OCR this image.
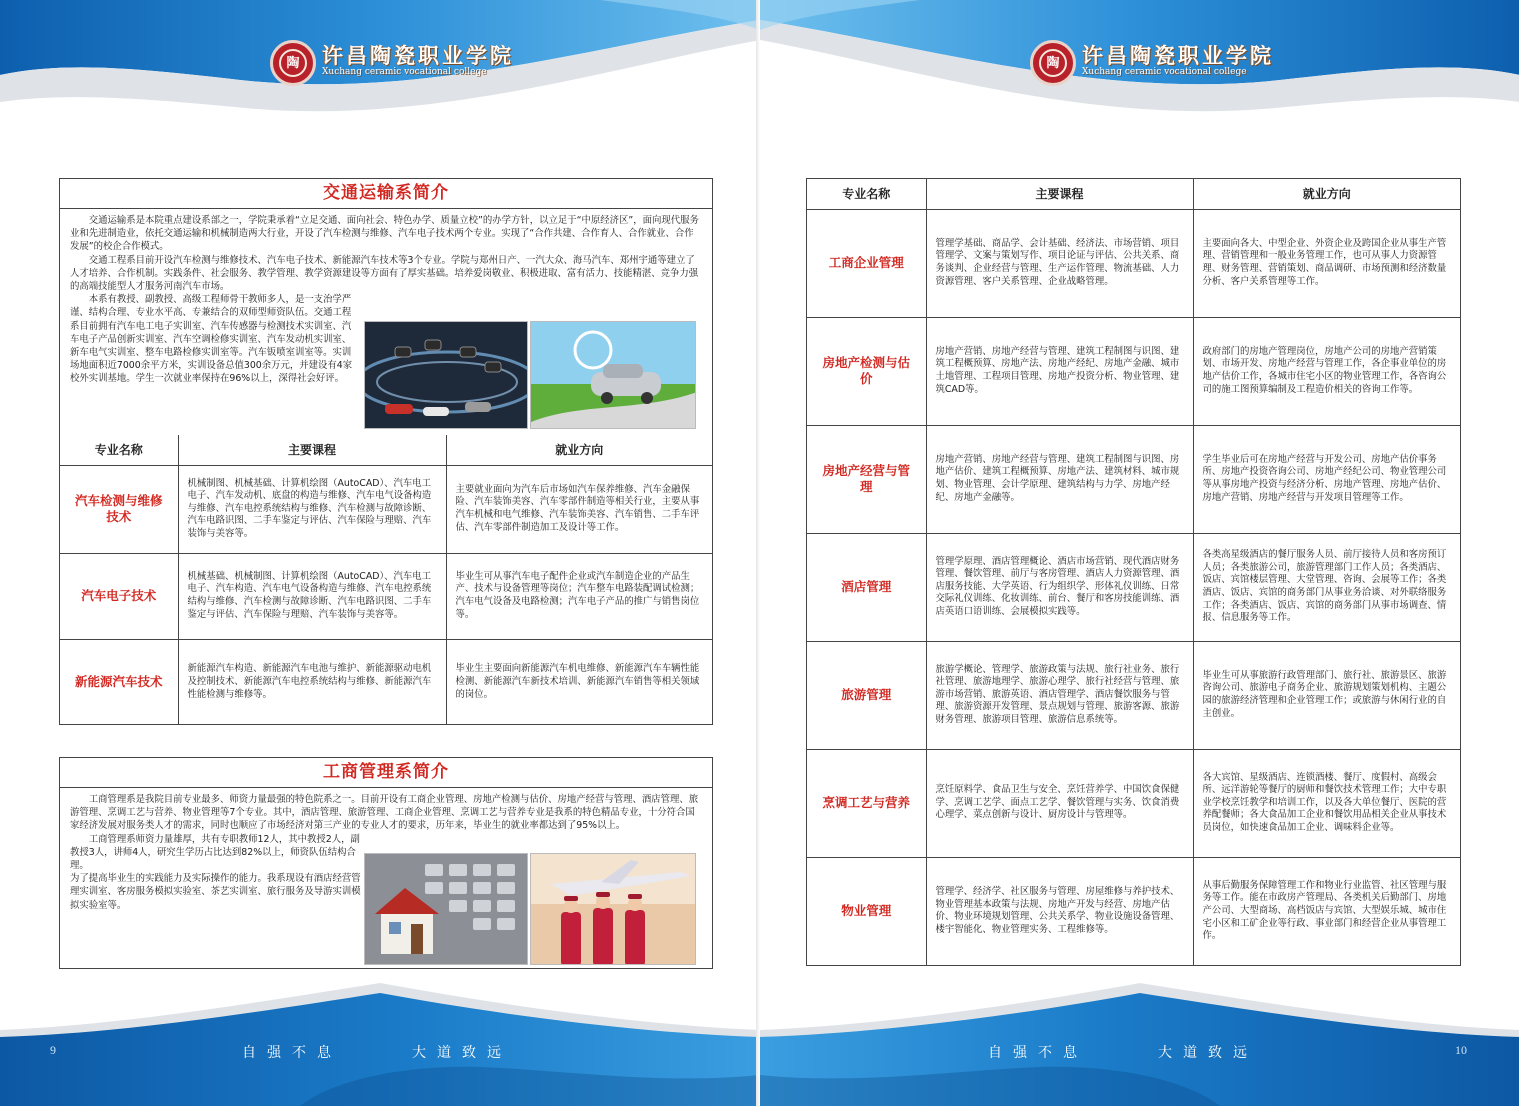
陶	许昌陶瓷职业学院
Xuchang ceramic vocational college
交通运输系简介

交通运输系是本院重点建设系部之一，学院秉承着“立足交通、面向社会、特色办学、质量立校”的办学方针，以立足于“中原经济区”，面向现代服务业和先进制造业，依托交通运输和机械制造两大行业，开设了汽车检测与维修、汽车电子技术两个专业。实现了“合作共建、合作育人、合作就业、合作发展”的校企合作模式。

交通工程系目前开设汽车检测与维修技术、汽车电子技术、新能源汽车技术等3个专业。学院与郑州日产、一汽大众、海马汽车、郑州宇通等建立了人才培养、合作机制。实践条件、社会服务、教学管理、教学资源建设等方面有了厚实基础。培养爱岗敬业、积极进取、富有活力、技能精湛、竞争力强的高端技能型人才服务河南汽车市场。

本系有教授、副教授、高级工程师骨干教师多人，是一支治学严谨、结构合理、专业水平高、专兼结合的双师型师资队伍。交通工程系目前拥有汽车电工电子实训室、汽车传感器与检测技术实训室、汽车电子产品创新实训室、汽车空调检修实训室、汽车发动机实训室、新车电气实训室、整车电路检修实训室等。汽车钣喷室训室等。实训场地面积近7000余平方米，实训设备总值300余万元，并建设有4家校外实训基地。学生一次就业率保持在96%以上，深得社会好评。

专业名称	主要课程	就业方向
汽车检测与维修技术	机械制图、机械基础、计算机绘图（AutoCAD）、汽车电工电子、汽车发动机、底盘的构造与维修、汽车电气设备构造与维修、汽车电控系统结构与维修、汽车检测与故障诊断、汽车电路识图、二手车鉴定与评估、汽车保险与理赔、汽车装饰与美容等。	主要就业面向为汽车后市场如汽车保养维修、汽车金融保险、汽车装饰美容、汽车零部件制造等相关行业，主要从事汽车机械和电气维修、汽车装饰美容、汽车销售、二手车评估、汽车零部件制造加工及设计等工作。
汽车电子技术	机械基础、机械制图、计算机绘图（AutoCAD）、汽车电工电子、汽车构造、汽车电气设备构造与维修、汽车电控系统结构与维修、汽车检测与故障诊断、汽车电路识图、二手车鉴定与评估、汽车保险与理赔、汽车装饰与美容等。	毕业生可从事汽车电子配件企业或汽车制造企业的产品生产、技术与设备管理等岗位；汽车整车电路装配调试检测；汽车电气设备及电路检测；汽车电子产品的推广与销售岗位等。
新能源汽车技术	新能源汽车构造、新能源汽车电池与维护、新能源驱动电机及控制技术、新能源汽车电控系统结构与维修、新能源汽车性能检测与维修等。	毕业生主要面向新能源汽车机电维修、新能源汽车车辆性能检测、新能源汽车新技术培训、新能源汽车销售等相关领域的岗位。
工商管理系简介

工商管理系是我院目前专业最多、师资力量最强的特色院系之一。目前开设有工商企业管理、房地产检测与估价、房地产经营与管理、酒店管理、旅游管理、烹调工艺与营养、物业管理等7个专业。其中，酒店管理、旅游管理、工商企业管理、烹调工艺与营养专业是我系的特色精品专业，十分符合国家经济发展对服务类人才的需求，同时也顺应了市场经济对第三产业的专业人才的要求，历年来，毕业生的就业率都达到了95%以上。

工商管理系师资力量雄厚，共有专职教师12人，其中教授2人，副教授3人，讲师4人，研究生学历占比达到82%以上，师资队伍结构合理。

为了提高毕业生的实践能力及实际操作的能力。我系现设有酒店经营管理实训室、客房服务模拟实验室、茶艺实训室、旅行服务及导游实训模拟实验室等。

9	自强不息	大道致远
陶	许昌陶瓷职业学院
Xuchang ceramic vocational college
专业名称	主要课程	就业方向
工商企业管理	管理学基础、商品学、会计基础、经济法、市场营销、项目管理学、文案与策划写作、项目论证与评估、公共关系、商务谈判、企业经营与管理、生产运作管理、物流基础、人力资源管理、客户关系管理、企业战略管理。	主要面向各大、中型企业、外资企业及跨国企业从事生产管理、营销管理和一般业务管理工作，也可从事人力资源管理、财务管理、营销策划、商品调研、市场预测和经济数量分析、客户关系管理等工作。
房地产检测与估价	房地产营销、房地产经营与管理、建筑工程制图与识图、建筑工程概预算、房地产法、房地产经纪、房地产金融、城市土地管理、工程项目管理、房地产投资分析、物业管理、建筑CAD等。	政府部门的房地产管理岗位，房地产公司的房地产营销策划、市场开发、房地产经营与管理工作，各企事业单位的房地产估价工作，各城市住宅小区的物业管理工作，各咨询公司的施工图预算编制及工程造价相关的咨询工作等。
房地产经营与管理	房地产营销、房地产经营与管理、建筑工程制图与识图、房地产估价、建筑工程概预算、房地产法、建筑材料、城市规划、物业管理、会计学原理、建筑结构与力学、房地产经纪、房地产金融等。	学生毕业后可在房地产经营与开发公司、房地产估价事务所、房地产投资咨询公司、房地产经纪公司、物业管理公司等从事房地产投资与经济分析、房地产管理、房地产估价、房地产营销、房地产经营与开发项目管理等工作。
酒店管理	管理学原理、酒店管理概论、酒店市场营销、现代酒店财务管理、餐饮管理、前厅与客房管理、酒店人力资源管理、酒店服务技能、大学英语、行为组织学、形体礼仪训练、日常交际礼仪训练、化妆训练、前台、餐厅和客房技能训练、酒店英语口语训练、会展模拟实践等。	各类高星级酒店的餐厅服务人员、前厅接待人员和客房预订人员；各类旅游公司，旅游管理部门工作人员；各类酒店、饭店、宾馆楼层管理、大堂管理、咨询、会展等工作；各类酒店、饭店、宾馆的商务部门从事业务洽谈、对外联络服务工作；各类酒店、饭店、宾馆的商务部门从事市场调查、情报、信息服务等工作。
旅游管理	旅游学概论、管理学、旅游政策与法规、旅行社业务、旅行社管理、旅游地理学、旅游心理学、旅行社经营与管理、旅游市场营销、旅游英语、酒店管理学、酒店餐饮服务与管理、旅游资源开发管理、景点规划与管理、旅游客源、旅游财务管理、旅游项目管理、旅游信息系统等。	毕业生可从事旅游行政管理部门、旅行社、旅游景区、旅游咨询公司、旅游电子商务企业、旅游规划策划机构、主题公园的旅游经济管理和企业管理工作；或旅游与休闲行业的自主创业。
烹调工艺与营养	烹饪原料学、食品卫生与安全、烹饪营养学、中国饮食保健学、烹调工艺学、面点工艺学、餐饮管理与实务、饮食消费心理学、菜点创新与设计、厨房设计与管理等。	各大宾馆、星级酒店、连锁酒楼、餐厅、度假村、高级会所、远洋游轮等餐厅的厨师和餐饮技术管理工作；大中专职业学校烹饪教学和培训工作，以及各大单位餐厅、医院的营养配餐师；各大食品加工企业和餐饮用品相关企业从事技术员岗位，如快速食品加工企业、调味料企业等。
物业管理	管理学、经济学、社区服务与管理、房屋维修与养护技术、物业管理基本政策与法规、房地产开发与经营、房地产估价、物业环境规划管理、公共关系学、物业设施设备管理、楼宇智能化、物业管理实务、工程维修等。	从事后勤服务保障管理工作和物业行业监管、社区管理与服务等工作。能在市政房产管理局、各类机关后勤部门、房地产公司、大型商场、高档饭店与宾馆、大型娱乐城、城市住宅小区和工矿企业等行政、事业部门和经营企业从事管理工作。
自强不息	大道致远	10
